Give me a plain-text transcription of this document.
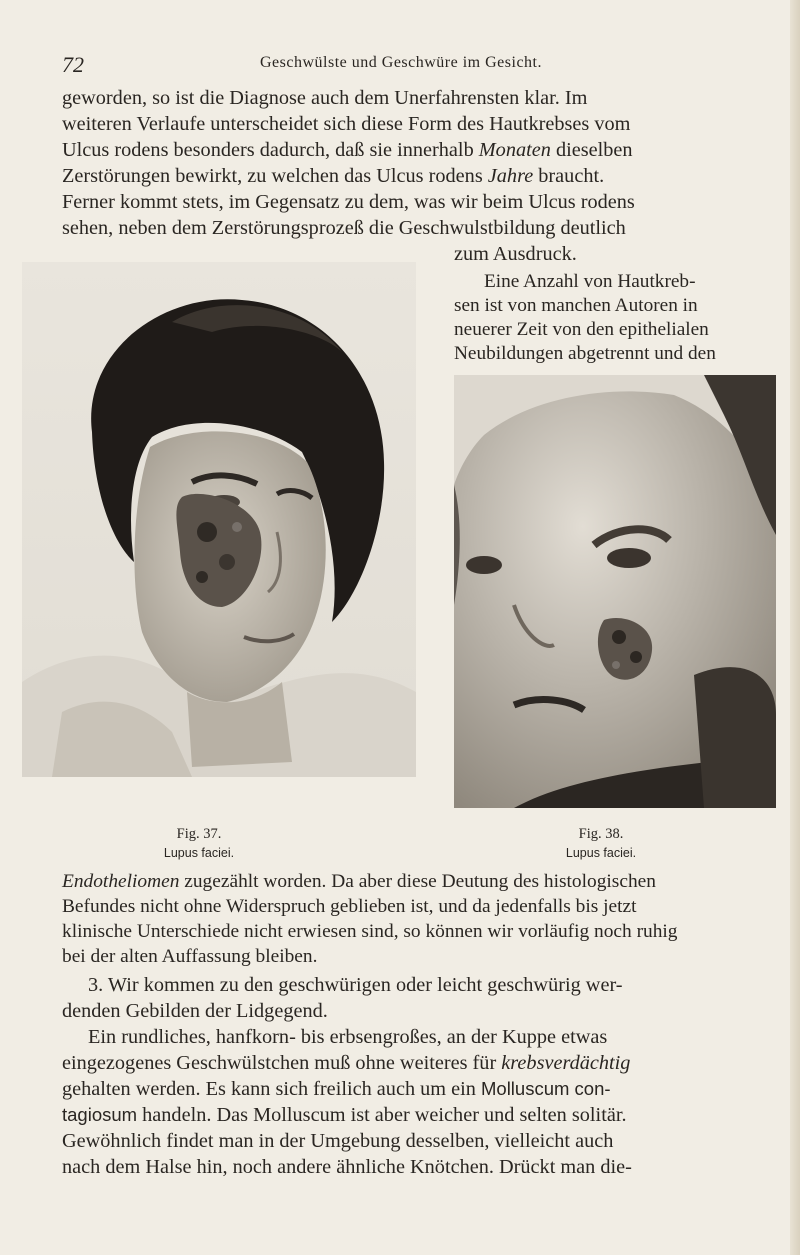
72	Geschwülste und Geschwüre im Gesicht.
geworden, so ist die Diagnose auch dem Unerfahrensten klar. Im
weiteren Verlaufe unterscheidet sich diese Form des Hautkrebses vom
Ulcus rodens besonders dadurch, daß sie innerhalb Monaten dieselben
Zerstörungen bewirkt, zu welchen das Ulcus rodens Jahre braucht.
Ferner kommt stets, im Gegensatz zu dem, was wir beim Ulcus rodens
sehen, neben dem Zerstörungsprozeß die Geschwulstbildung deutlich
zum Ausdruck.
Eine Anzahl von Hautkreb-
sen ist von manchen Autoren in
neuerer Zeit von den epithelialen
Neubildungen abgetrennt und den
Fig. 37.
Lupus faciei.
Fig. 38.
Lupus faciei.
Endotheliomen zugezählt worden. Da aber diese Deutung des histologischen
Befundes nicht ohne Widerspruch geblieben ist, und da jedenfalls bis jetzt
klinische Unterschiede nicht erwiesen sind, so können wir vorläufig noch ruhig
bei der alten Auffassung bleiben.
3. Wir kommen zu den geschwürigen oder leicht geschwürig wer-
denden Gebilden der Lidgegend.
Ein rundliches, hanfkorn- bis erbsengroßes, an der Kuppe etwas
eingezogenes Geschwülstchen muß ohne weiteres für krebsverdächtig
gehalten werden. Es kann sich freilich auch um ein Molluscum con-
tagiosum handeln. Das Molluscum ist aber weicher und selten solitär.
Gewöhnlich findet man in der Umgebung desselben, vielleicht auch
nach dem Halse hin, noch andere ähnliche Knötchen. Drückt man die-
